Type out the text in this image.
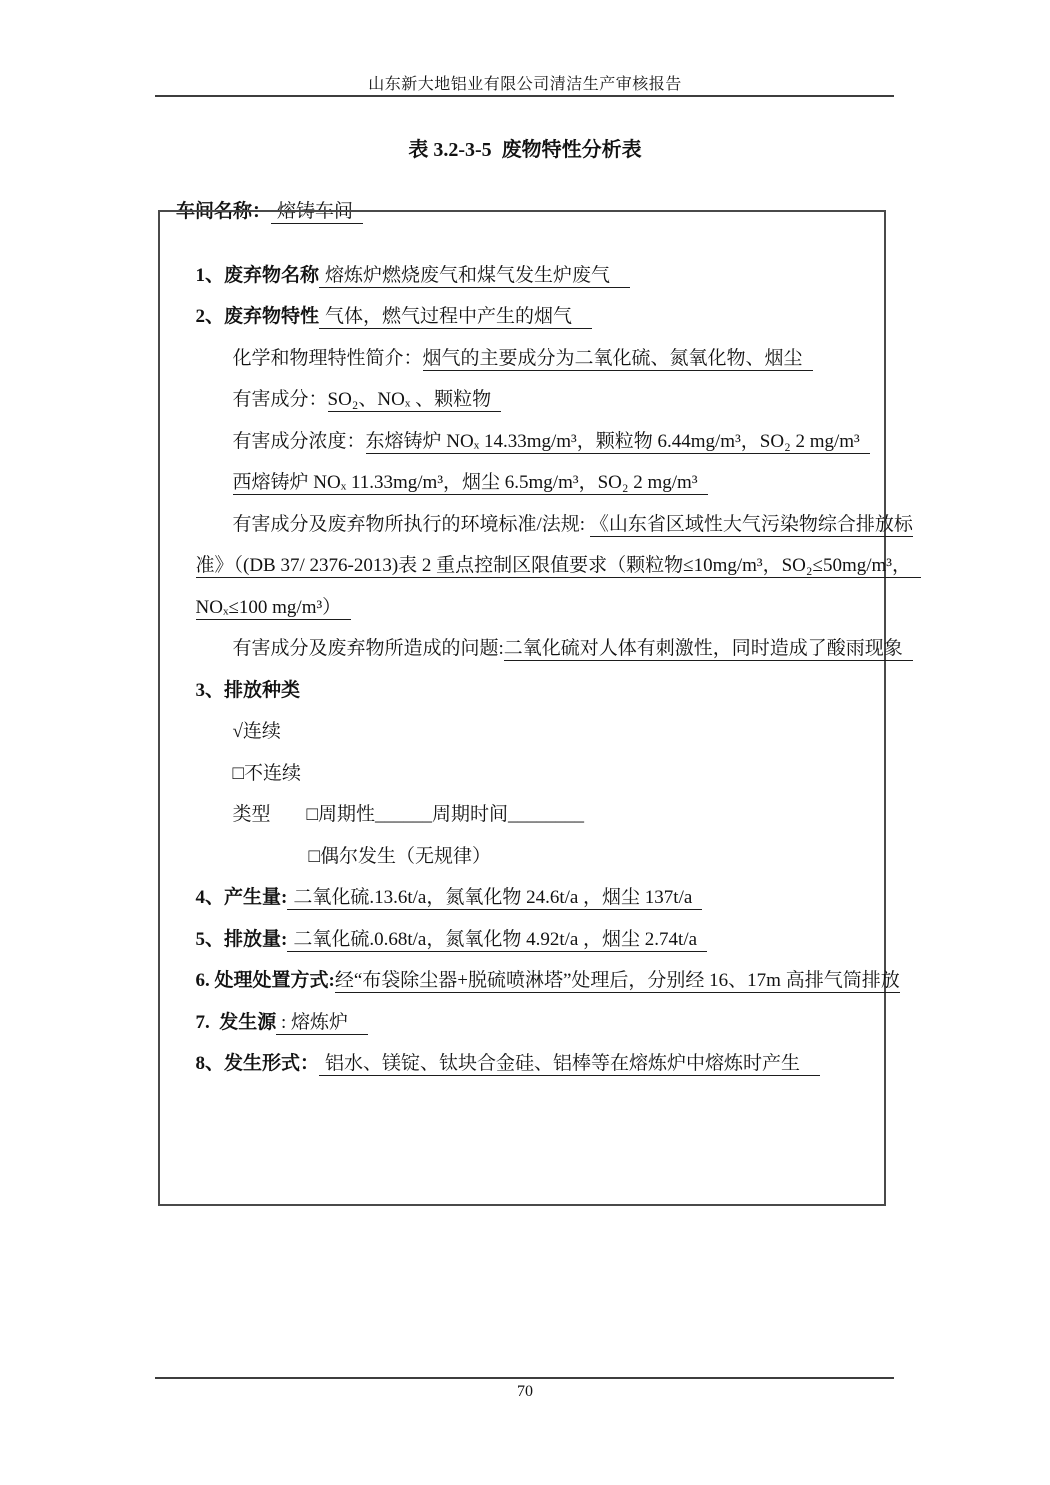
山东新大地铝业有限公司清洁生产审核报告
表 3.2-3-5  废物特性分析表

车间名称： 熔铸车间

1、废弃物名称 熔炼炉燃烧废气和煤气发生炉废气

2、废弃物特性 气体，燃气过程中产生的烟气

化学和物理特性简介：烟气的主要成分为二氧化硫、氮氧化物、烟尘

有害成分：SO₂、NOₓ 、颗粒物

有害成分浓度：东熔铸炉 NOₓ 14.33mg/m³，颗粒物 6.44mg/m³，SO₂ 2 mg/m³

西熔铸炉 NOₓ 11.33mg/m³，烟尘 6.5mg/m³，SO₂ 2 mg/m³

有害成分及废弃物所执行的环境标准/法规: 《山东省区域性大气污染物综合排放标

准》（(DB 37/ 2376-2013)表 2 重点控制区限值要求（颗粒物≤10mg/m³，SO₂≤50mg/m³，

NOₓ≤100 mg/m³）

有害成分及废弃物所造成的问题:二氧化硫对人体有刺激性，同时造成了酸雨现象

3、排放种类

√连续

□不连续

类型 □周期性______周期时间________

□偶尔发生（无规律）

4、产生量: 二氧化硫.13.6t/a，氮氧化物 24.6t/a ，烟尘 137t/a

5、排放量: 二氧化硫.0.68t/a，氮氧化物 4.92t/a ，烟尘 2.74t/a

6. 处理处置方式:经“布袋除尘器+脱硫喷淋塔”处理后，分别经 16、17m 高排气筒排放

7.  发生源 : 熔炼炉

8、发生形式： 铝水、镁锭、钛块合金硅、铝棒等在熔炼炉中熔炼时产生

70
